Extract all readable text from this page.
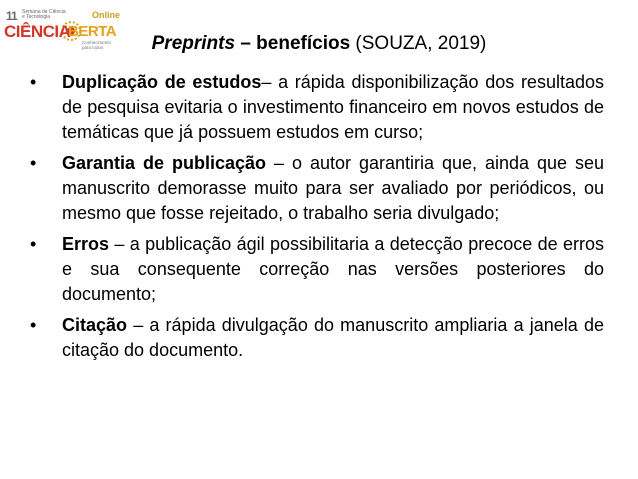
11 Semana de Ciência e Tecnologia	Online
CIÊNCIA
BERTA
Conhecimento para todos	Preprints – benefícios (SOUZA, 2019)
• Duplicação de estudos– a rápida disponibilização dos resultados de pesquisa evitaria o investimento financeiro em novos estudos de temáticas que já possuem estudos em curso;
• Garantia de publicação – o autor garantiria que, ainda que seu manuscrito demorasse muito para ser avaliado por periódicos, ou mesmo que fosse rejeitado, o trabalho seria divulgado;
• Erros – a publicação ágil possibilitaria a detecção precoce de erros e sua consequente correção nas versões posteriores do documento;
• Citação – a rápida divulgação do manuscrito ampliaria a janela de citação do documento.
